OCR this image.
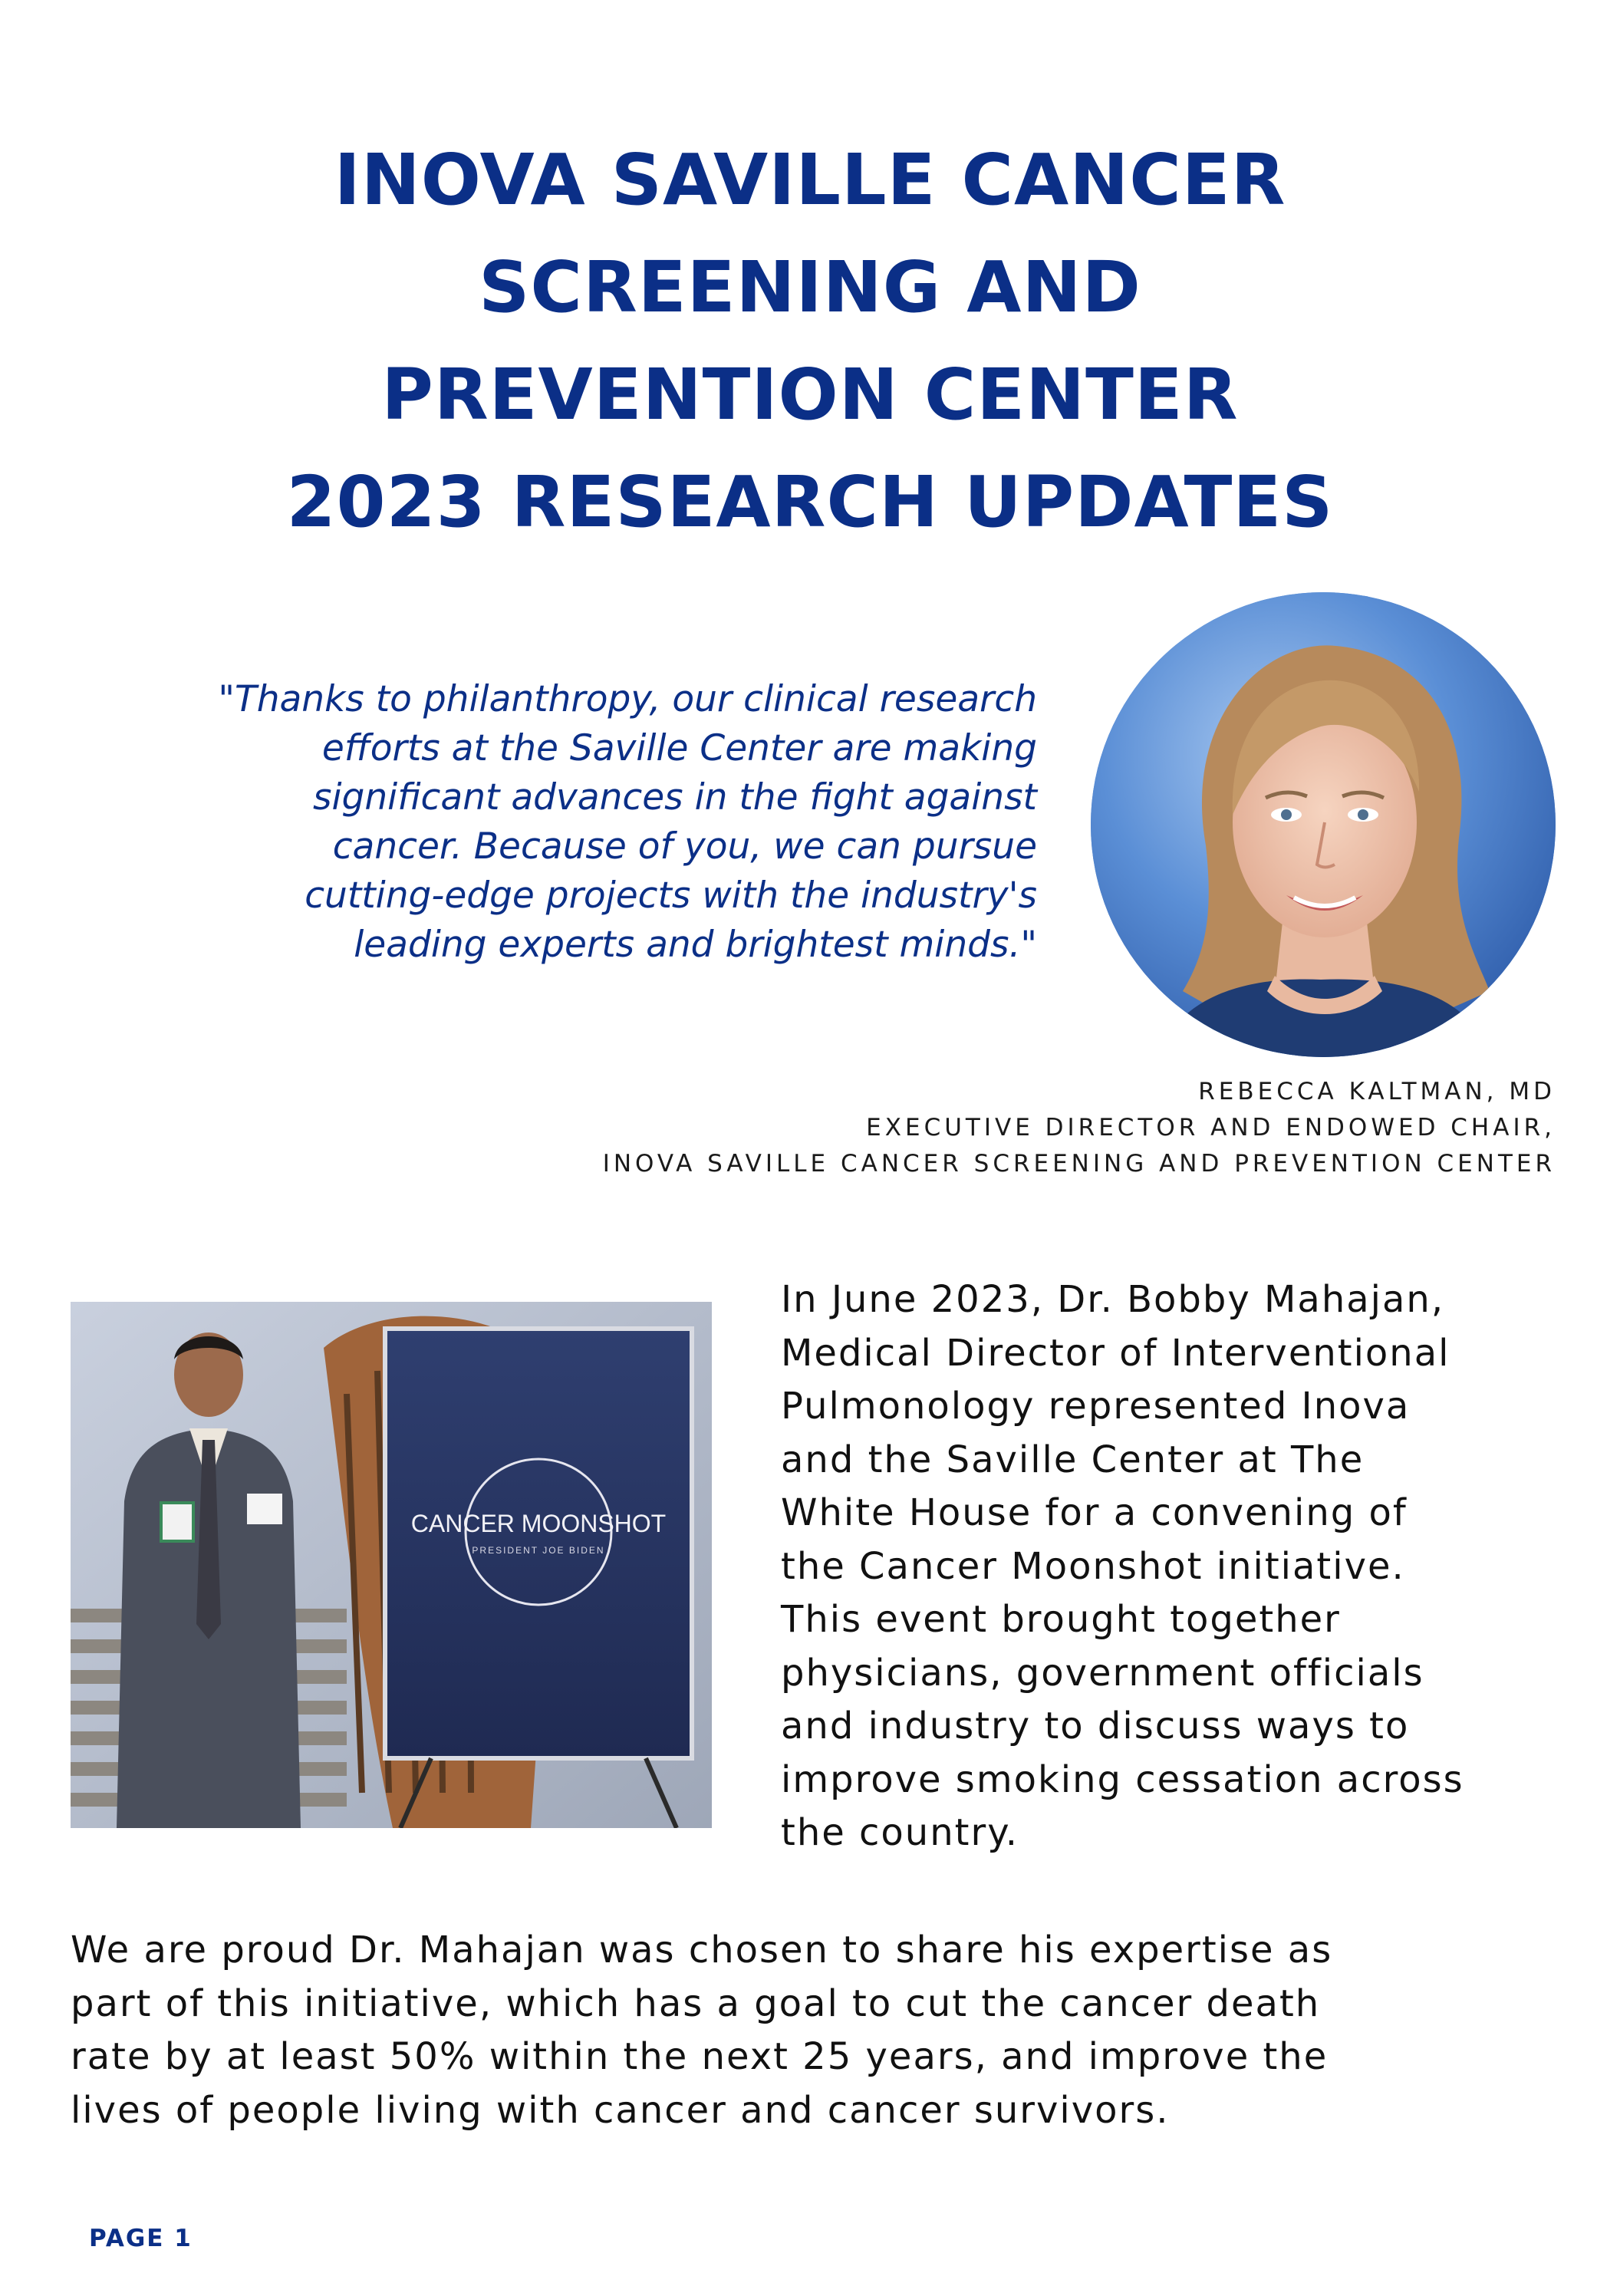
INOVA SAVILLE CANCER
SCREENING AND
PREVENTION CENTER
2023 RESEARCH UPDATES
"Thanks to philanthropy, our clinical research
efforts at the Saville Center are making
significant advances in the fight against
cancer. Because of you, we can pursue
cutting-edge projects with the industry's
leading experts and brightest minds."
REBECCA KALTMAN, MD
EXECUTIVE DIRECTOR AND ENDOWED CHAIR,
INOVA SAVILLE CANCER SCREENING AND PREVENTION CENTER
CANCER MOONSHOT
PRESIDENT JOE BIDEN
In June 2023, Dr. Bobby Mahajan,
Medical Director of Interventional
Pulmonology represented Inova
and the Saville Center at The
White House for a convening of
the Cancer Moonshot initiative.
This event brought together
physicians, government officials
and industry to discuss ways to
improve smoking cessation across
the country.
We are proud Dr. Mahajan was chosen to share his expertise as
part of this initiative, which has a goal to cut the cancer death
rate by at least 50% within the next 25 years, and improve the
lives of people living with cancer and cancer survivors.
PAGE 1
